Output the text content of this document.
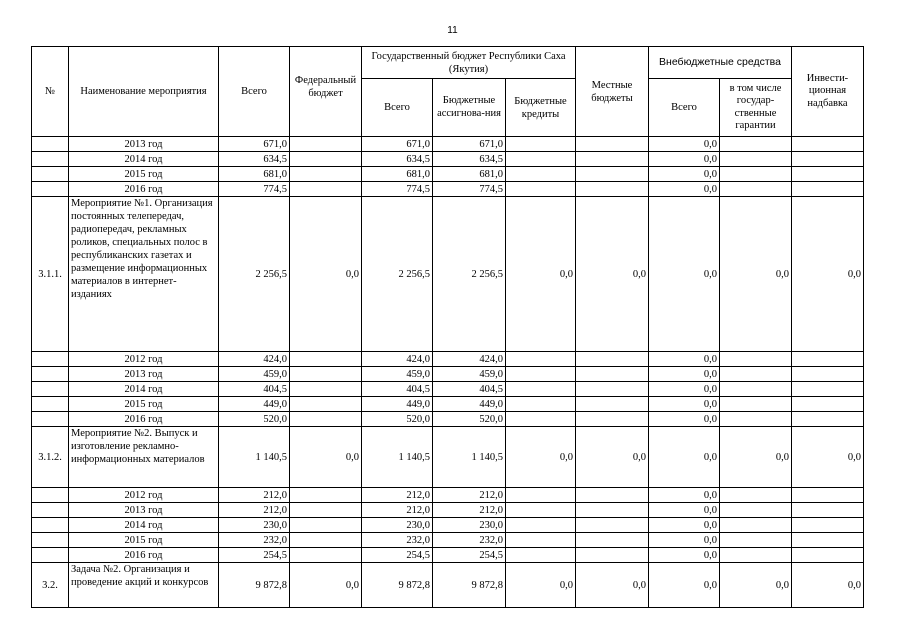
11
№	Наименование мероприятия	Всего	Федеральный бюджет	Государственный бюджет Республики Саха (Якутия)			Местные бюджеты	Внебюджетные средства		Инвести-ционная надбавка
				Всего	Бюджетные ассигнова-ния	Бюджетные кредиты		Всего	в том числе государ-ственные гарантии	
	2013 год	671,0		671,0	671,0			0,0		
	2014 год	634,5		634,5	634,5			0,0		
	2015 год	681,0		681,0	681,0			0,0		
	2016 год	774,5		774,5	774,5			0,0		
3.1.1.	Мероприятие №1. Организация постоянных телепередач, радиопередач, рекламных роликов, специальных полос в республиканских газетах и размещение информационных материалов в интернет-изданиях	2 256,5	0,0	2 256,5	2 256,5	0,0	0,0	0,0	0,0	0,0
	2012 год	424,0		424,0	424,0			0,0		
	2013 год	459,0		459,0	459,0			0,0		
	2014 год	404,5		404,5	404,5			0,0		
	2015 год	449,0		449,0	449,0			0,0		
	2016 год	520,0		520,0	520,0			0,0		
3.1.2.	Мероприятие №2. Выпуск и изготовление рекламно-информационных материалов	1 140,5	0,0	1 140,5	1 140,5	0,0	0,0	0,0	0,0	0,0
	2012 год	212,0		212,0	212,0			0,0		
	2013 год	212,0		212,0	212,0			0,0		
	2014 год	230,0		230,0	230,0			0,0		
	2015 год	232,0		232,0	232,0			0,0		
	2016 год	254,5		254,5	254,5			0,0		
3.2.	Задача №2. Организация и проведение акций и конкурсов	9 872,8	0,0	9 872,8	9 872,8	0,0	0,0	0,0	0,0	0,0
